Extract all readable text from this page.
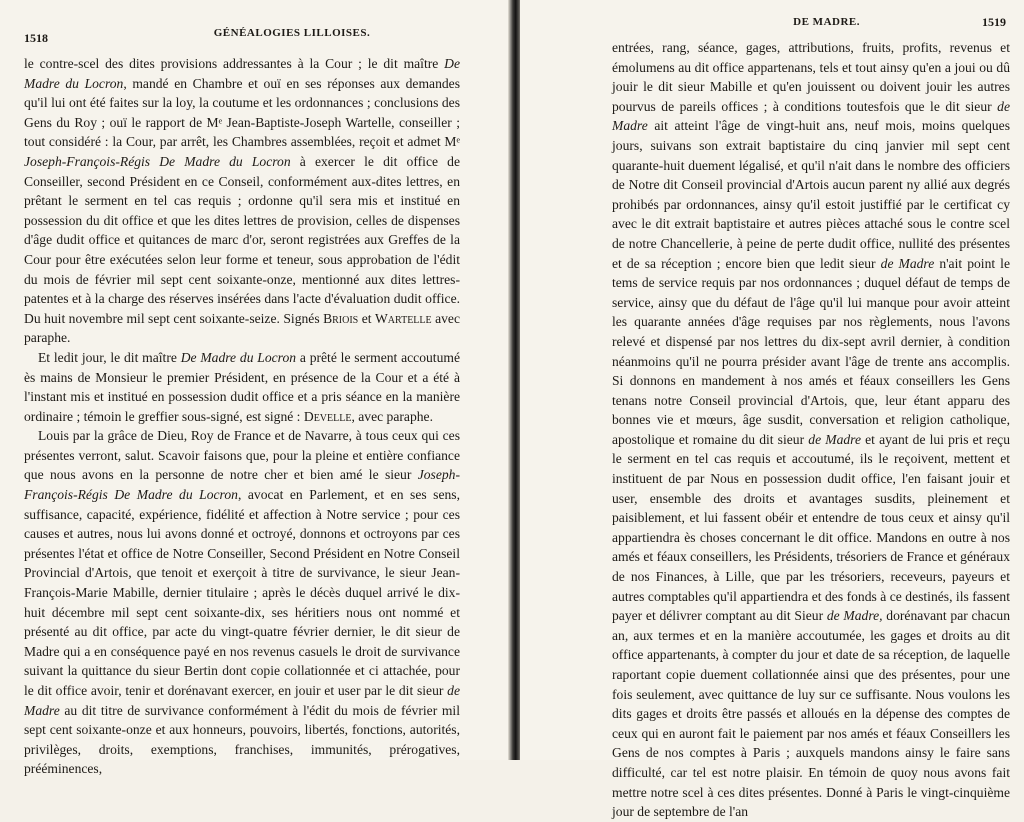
1518	GÉNÉALOGIES LILLOISES.

le contre-scel des dites provisions addressantes à la Cour ; le dit maître De Madre du Locron, mandé en Chambre et ouï en ses réponses aux demandes qu'il lui ont été faites sur la loy, la coutume et les ordonnances ; conclusions des Gens du Roy ; ouï le rapport de Mᵉ Jean-Baptiste-Joseph Wartelle, conseiller ; tout considéré : la Cour, par arrêt, les Chambres assemblées, reçoit et admet Mᵉ Joseph-François-Régis De Madre du Locron à exercer le dit office de Conseiller, second Président en ce Conseil, conformément aux-dites lettres, en prêtant le serment en tel cas requis ; ordonne qu'il sera mis et institué en possession du dit office et que les dites lettres de provision, celles de dispenses d'âge dudit office et quitances de marc d'or, seront registrées aux Greffes de la Cour pour être exécutées selon leur forme et teneur, sous approbation de l'édit du mois de février mil sept cent soixante-onze, mentionné aux dites lettres-patentes et à la charge des réserves insérées dans l'acte d'évaluation dudit office. Du huit novembre mil sept cent soixante-seize. Signés Briois et Wartelle avec paraphe.

Et ledit jour, le dit maître De Madre du Locron a prêté le serment accoutumé ès mains de Monsieur le premier Président, en présence de la Cour et a été à l'instant mis et institué en possession dudit office et a pris séance en la manière ordinaire ; témoin le greffier sous-signé, est signé : Develle, avec paraphe.

Louis par la grâce de Dieu, Roy de France et de Navarre, à tous ceux qui ces présentes verront, salut. Scavoir faisons que, pour la pleine et entière confiance que nous avons en la personne de notre cher et bien amé le sieur Joseph-François-Régis De Madre du Locron, avocat en Parlement, et en ses sens, suffisance, capacité, expérience, fidélité et affection à Notre service ; pour ces causes et autres, nous lui avons donné et octroyé, donnons et octroyons par ces présentes l'état et office de Notre Conseiller, Second Président en Notre Conseil Provincial d'Artois, que tenoit et exerçoit à titre de survivance, le sieur Jean-François-Marie Mabille, dernier titulaire ; après le décès duquel arrivé le dix-huit décembre mil sept cent soixante-dix, ses héritiers nous ont nommé et présenté au dit office, par acte du vingt-quatre février dernier, le dit sieur de Madre qui a en conséquence payé en nos revenus casuels le droit de survivance suivant la quittance du sieur Bertin dont copie collationnée et ci attachée, pour le dit office avoir, tenir et dorénavant exercer, en jouir et user par le dit sieur de Madre au dit titre de survivance conformément à l'édit du mois de février mil sept cent soixante-onze et aux honneurs, pouvoirs, libertés, fonctions, autorités, privilèges, droits, exemptions, franchises, immunités, prérogatives, prééminences,

DE MADRE.	1519

entrées, rang, séance, gages, attributions, fruits, profits, revenus et émolumens au dit office appartenans, tels et tout ainsy qu'en a joui ou dû jouir le dit sieur Mabille et qu'en jouissent ou doivent jouir les autres pourvus de pareils offices ; à conditions toutesfois que le dit sieur de Madre ait atteint l'âge de vingt-huit ans, neuf mois, moins quelques jours, suivans son extrait baptistaire du cinq janvier mil sept cent quarante-huit duement légalisé, et qu'il n'ait dans le nombre des officiers de Notre dit Conseil provincial d'Artois aucun parent ny allié aux degrés prohibés par ordonnances, ainsy qu'il estoit justiffié par le certificat cy avec le dit extrait baptistaire et autres pièces attaché sous le contre scel de notre Chancellerie, à peine de perte dudit office, nullité des présentes et de sa réception ; encore bien que ledit sieur de Madre n'ait point le tems de service requis par nos ordonnances ; duquel défaut de temps de service, ainsy que du défaut de l'âge qu'il lui manque pour avoir atteint les quarante années d'âge requises par nos règlements, nous l'avons relevé et dispensé par nos lettres du dix-sept avril dernier, à condition néanmoins qu'il ne pourra présider avant l'âge de trente ans accomplis. Si donnons en mandement à nos amés et féaux conseillers les Gens tenans notre Conseil provincial d'Artois, que, leur étant apparu des bonnes vie et mœurs, âge susdit, conversation et religion catholique, apostolique et romaine du dit sieur de Madre et ayant de lui pris et reçu le serment en tel cas requis et accoutumé, ils le reçoivent, mettent et instituent de par Nous en possession dudit office, l'en faisant jouir et user, ensemble des droits et avantages susdits, pleinement et paisiblement, et lui fassent obéir et entendre de tous ceux et ainsy qu'il appartiendra ès choses concernant le dit office. Mandons en outre à nos amés et féaux conseillers, les Présidents, trésoriers de France et généraux de nos Finances, à Lille, que par les trésoriers, receveurs, payeurs et autres comptables qu'il appartiendra et des fonds à ce destinés, ils fassent payer et délivrer comptant au dit Sieur de Madre, dorénavant par chacun an, aux termes et en la manière accoutumée, les gages et droits au dit office appartenants, à compter du jour et date de sa réception, de laquelle raportant copie duement collationnée ainsi que des présentes, pour une fois seulement, avec quittance de luy sur ce suffisante. Nous voulons les dits gages et droits être passés et alloués en la dépense des comptes de ceux qui en auront fait le paiement par nos amés et féaux Conseillers les Gens de nos comptes à Paris ; auxquels mandons ainsy le faire sans difficulté, car tel est notre plaisir. En témoin de quoy nous avons fait mettre notre scel à ces dites présentes. Donné à Paris le vingt-cinquième jour de septembre de l'an
